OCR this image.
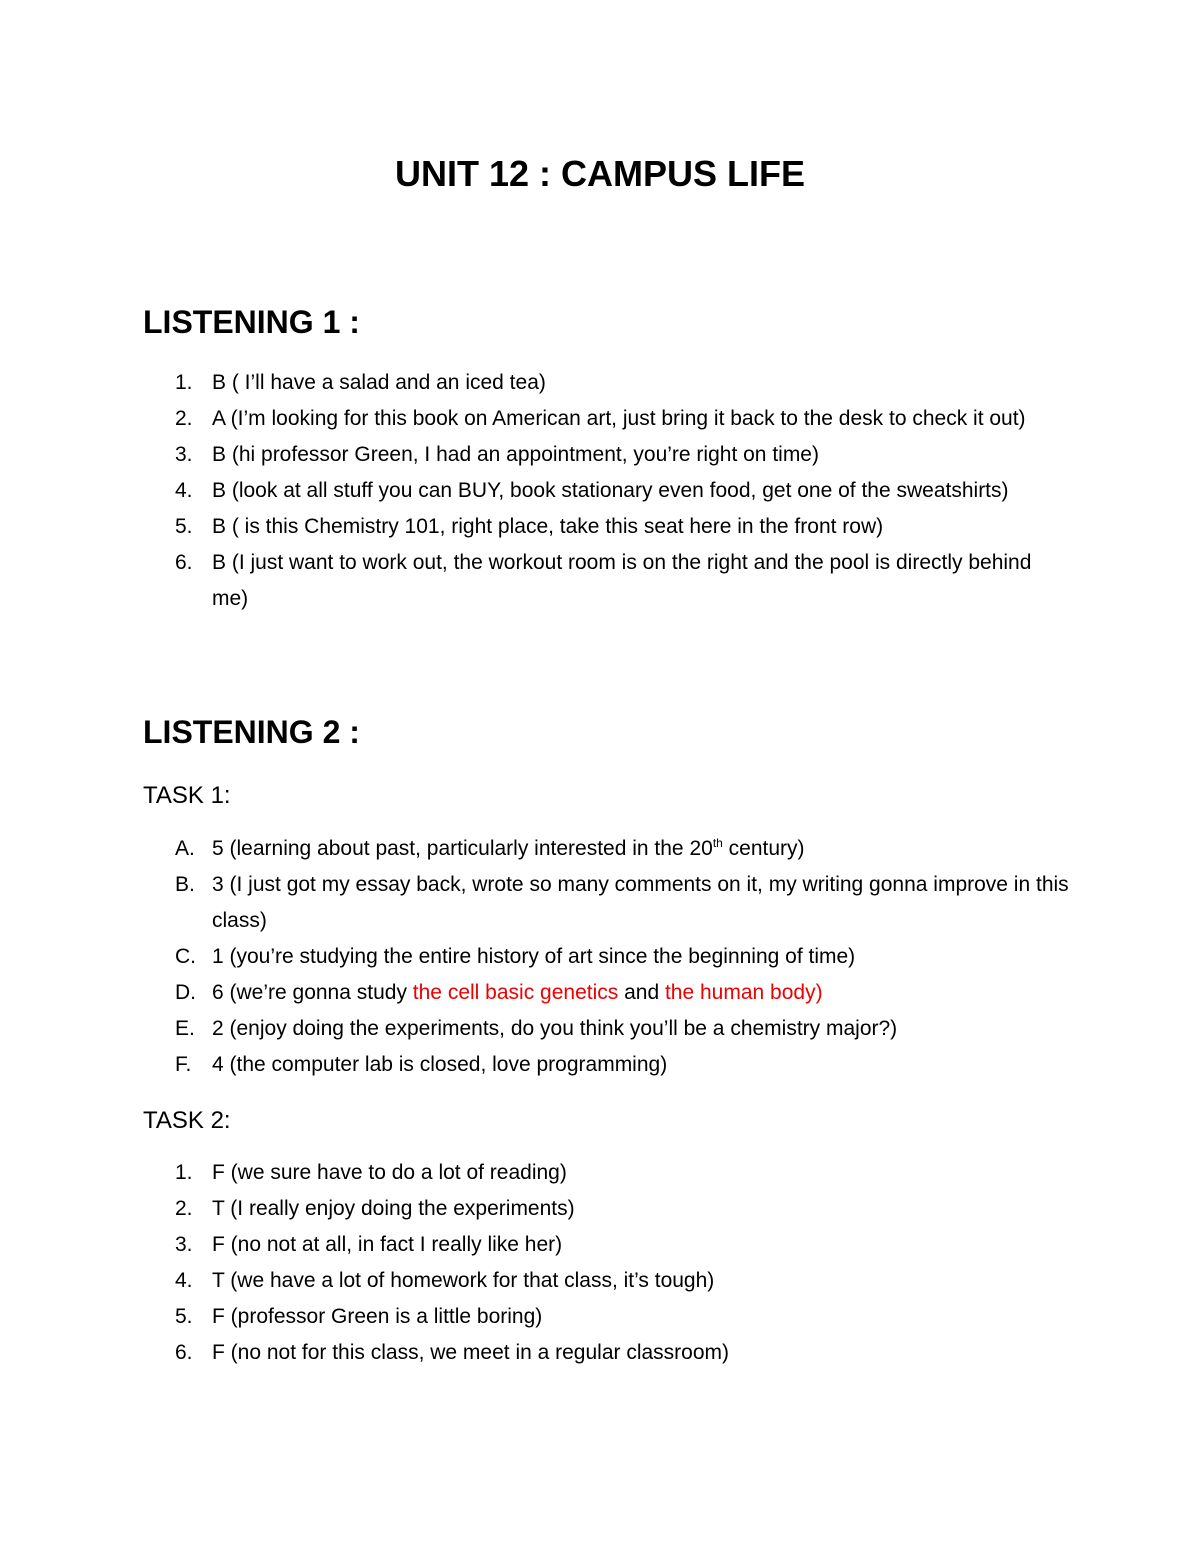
UNIT 12 : CAMPUS LIFE
LISTENING 1 :
1. B ( I’ll have a salad and an iced tea)
2. A (I’m looking for this book on American art, just bring it back to the desk to check it out)
3. B (hi professor Green, I had an appointment, you’re right on time)
4. B (look at all stuff you can BUY, book stationary even food, get one of the sweatshirts)
5. B ( is this Chemistry 101, right place, take this seat here in the front row)
6. B (I just want to work out, the workout room is on the right and the pool is directly behind me)
LISTENING 2 :
TASK 1:
A. 5 (learning about past, particularly interested in the 20th century)
B. 3 (I just got my essay back, wrote so many comments on it, my writing gonna improve in this class)
C. 1 (you’re studying the entire history of art since the beginning of time)
D. 6 (we’re gonna study the cell basic genetics and the human body)
E. 2 (enjoy doing the experiments, do you think you’ll be a chemistry major?)
F. 4 (the computer lab is closed, love programming)
TASK 2:
1. F (we sure have to do a lot of reading)
2. T (I really enjoy doing the experiments)
3. F (no not at all, in fact I really like her)
4. T (we have a lot of homework for that class, it’s tough)
5. F (professor Green is a little boring)
6. F (no not for this class, we meet in a regular classroom)
